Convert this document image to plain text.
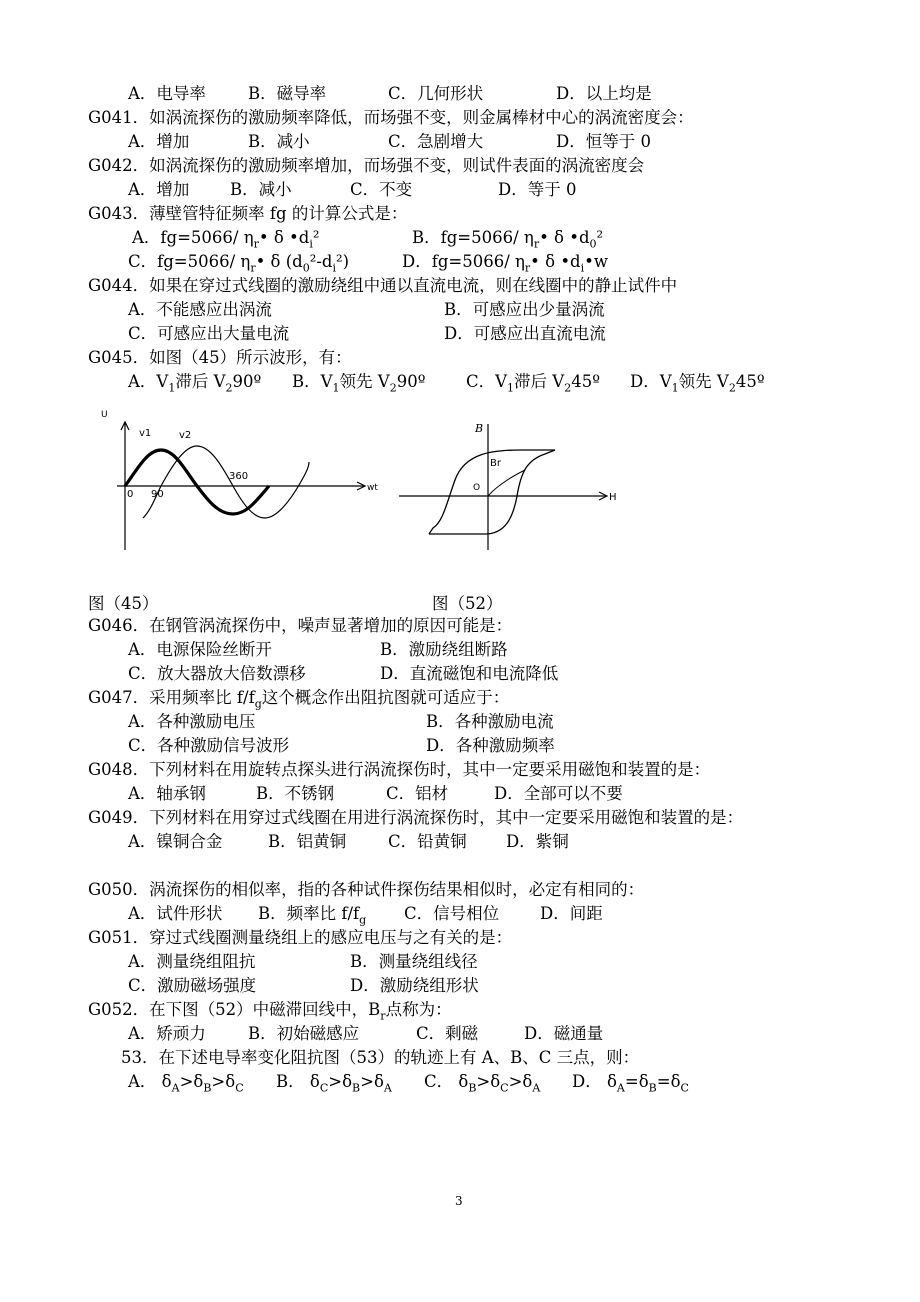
A．电导率	B．磁导率	C．几何形状	D．以上均是
G041．如涡流探伤的激励频率降低，而场强不变，则金属棒材中心的涡流密度会：
A．增加	B．减小	C．急剧增大	D．恒等于 0
G042．如涡流探伤的激励频率增加，而场强不变，则试件表面的涡流密度会
A．增加 B．减小	C．不变	D．等于 0
G043．薄壁管特征频率 fg 的计算公式是：
A．fg=5066/ $\eta_r•$ δ $•d_i^2$	B．fg=5066/ $\eta_r•$ δ $•d_0^2$
C．fg=5066/ $\eta_r•$ δ $(d_0^2-d_i^2)$	D．fg=5066/ $\eta_r•$ δ $•d_i•w$
G044．如果在穿过式线圈的激励绕组中通以直流电流，则在线圈中的静止试件中
A．不能感应出涡流	B．可感应出少量涡流
C．可感应出大量电流	D．可感应出直流电流
G045．如图（45）所示波形，有：
A．$V_1$滞后 $V_290º$ B．$V_1$领先 $V_290º$ C．$V_1$滞后 $V_245º$ D．$V_1$领先 $V_245º$
U
v1	v2
wt
0 90
360
B
H
Br
O
图（45）	图（52）
G046．在钢管涡流探伤中，噪声显著增加的原因可能是：
A．电源保险丝断开	B．激励绕组断路
C．放大器放大倍数漂移	D．直流磁饱和电流降低
G047．采用频率比 $f/f_g$这个概念作出阻抗图就可适应于：
A．各种激励电压	B．各种激励电流
C．各种激励信号波形	D．各种激励频率
G048．下列材料在用旋转点探头进行涡流探伤时，其中一定要采用磁饱和装置的是：
A．轴承钢	B．不锈钢	C．铝材	D．全部可以不要
G049．下列材料在用穿过式线圈在用进行涡流探伤时，其中一定要采用磁饱和装置的是：
A．镍铜合金	B．铝黄铜	C．铅黄铜 D．紫铜
G050．涡流探伤的相似率，指的各种试件探伤结果相似时，必定有相同的：
A．试件形状 B．频率比 $f/f_g$ C．信号相位 D．间距
G051．穿过式线圈测量绕组上的感应电压与之有关的是：
A．测量绕组阻抗	B．测量绕组线径
C．激励磁场强度	D．激励绕组形状
G052．在下图（52）中磁滞回线中，$B_r$点称为：
A．矫顽力	B．初始磁感应	C．剩磁	D．磁通量
53．在下述电导率变化阻抗图（53）的轨迹上有 A、B、C 三点，则：
A． $\delta_A>\delta_B>\delta_C$ B． $\delta_C>\delta_B>\delta_A$ C． $\delta_B>\delta_C>\delta_A$ D． $\delta_A=\delta_B=\delta_C$
3
